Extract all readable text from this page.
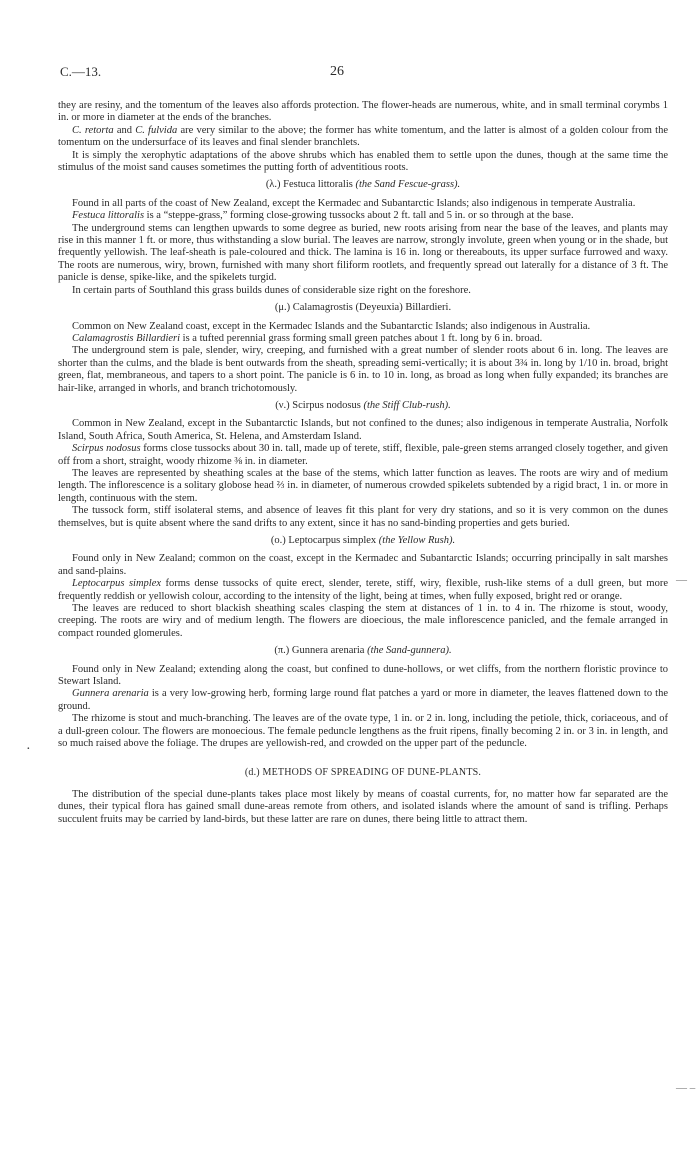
C.—13.	26
—
·
— –

they are resiny, and the tomentum of the leaves also affords protection. The flower-heads are numerous, white, and in small terminal corymbs 1 in. or more in diameter at the ends of the branches.

C. retorta and C. fulvida are very similar to the above; the former has white tomentum, and the latter is almost of a golden colour from the tomentum on the undersurface of its leaves and final slender branchlets.

It is simply the xerophytic adaptations of the above shrubs which has enabled them to settle upon the dunes, though at the same time the stimulus of the moist sand causes sometimes the putting forth of adventitious roots.

(λ.) Festuca littoralis (the Sand Fescue-grass).

Found in all parts of the coast of New Zealand, except the Kermadec and Subantarctic Islands; also indigenous in temperate Australia.

Festuca littoralis is a “steppe-grass,” forming close-growing tussocks about 2 ft. tall and 5 in. or so through at the base.

The underground stems can lengthen upwards to some degree as buried, new roots arising from near the base of the leaves, and plants may rise in this manner 1 ft. or more, thus withstanding a slow burial. The leaves are narrow, strongly involute, green when young or in the shade, but frequently yellowish. The leaf-sheath is pale-coloured and thick. The lamina is 16 in. long or thereabouts, its upper surface furrowed and waxy. The roots are numerous, wiry, brown, furnished with many short filiform rootlets, and frequently spread out laterally for a distance of 3 ft. The panicle is dense, spike-like, and the spikelets turgid.

In certain parts of Southland this grass builds dunes of considerable size right on the foreshore.

(μ.) Calamagrostis (Deyeuxia) Billardieri.

Common on New Zealand coast, except in the Kermadec Islands and the Subantarctic Islands; also indigenous in Australia.

Calamagrostis Billardieri is a tufted perennial grass forming small green patches about 1 ft. long by 6 in. broad.

The underground stem is pale, slender, wiry, creeping, and furnished with a great number of slender roots about 6 in. long. The leaves are shorter than the culms, and the blade is bent outwards from the sheath, spreading semi-vertically; it is about 3¾ in. long by 1/10 in. broad, bright green, flat, membraneous, and tapers to a short point. The panicle is 6 in. to 10 in. long, as broad as long when fully expanded; its branches are hair-like, arranged in whorls, and branch trichotomously.

(ν.) Scirpus nodosus (the Stiff Club-rush).

Common in New Zealand, except in the Subantarctic Islands, but not confined to the dunes; also indigenous in temperate Australia, Norfolk Island, South Africa, South America, St. Helena, and Amsterdam Island.

Scirpus nodosus forms close tussocks about 30 in. tall, made up of terete, stiff, flexible, pale-green stems arranged closely together, and given off from a short, straight, woody rhizome ⅜ in. in diameter.

The leaves are represented by sheathing scales at the base of the stems, which latter function as leaves. The roots are wiry and of medium length. The inflorescence is a solitary globose head ⅔ in. in diameter, of numerous crowded spikelets subtended by a rigid bract, 1 in. or more in length, continuous with the stem.

The tussock form, stiff isolateral stems, and absence of leaves fit this plant for very dry stations, and so it is very common on the dunes themselves, but is quite absent where the sand drifts to any extent, since it has no sand-binding properties and gets buried.

(ο.) Leptocarpus simplex (the Yellow Rush).

Found only in New Zealand; common on the coast, except in the Kermadec and Subantarctic Islands; occurring principally in salt marshes and sand-plains.

Leptocarpus simplex forms dense tussocks of quite erect, slender, terete, stiff, wiry, flexible, rush-like stems of a dull green, but more frequently reddish or yellowish colour, according to the intensity of the light, being at times, when fully exposed, bright red or orange.

The leaves are reduced to short blackish sheathing scales clasping the stem at distances of 1 in. to 4 in. The rhizome is stout, woody, creeping. The roots are wiry and of medium length. The flowers are dioecious, the male inflorescence panicled, and the female arranged in compact rounded glomerules.

(π.) Gunnera arenaria (the Sand-gunnera).

Found only in New Zealand; extending along the coast, but confined to dune-hollows, or wet cliffs, from the northern floristic province to Stewart Island.

Gunnera arenaria is a very low-growing herb, forming large round flat patches a yard or more in diameter, the leaves flattened down to the ground.

The rhizome is stout and much-branching. The leaves are of the ovate type, 1 in. or 2 in. long, including the petiole, thick, coriaceous, and of a dull-green colour. The flowers are monoecious. The female peduncle lengthens as the fruit ripens, finally becoming 2 in. or 3 in. in length, and so much raised above the foliage. The drupes are yellowish-red, and crowded on the upper part of the peduncle.

(d.) METHODS OF SPREADING OF DUNE-PLANTS.

The distribution of the special dune-plants takes place most likely by means of coastal currents, for, no matter how far separated are the dunes, their typical flora has gained small dune-areas remote from others, and isolated islands where the amount of sand is trifling. Perhaps succulent fruits may be carried by land-birds, but these latter are rare on dunes, there being little to attract them.
